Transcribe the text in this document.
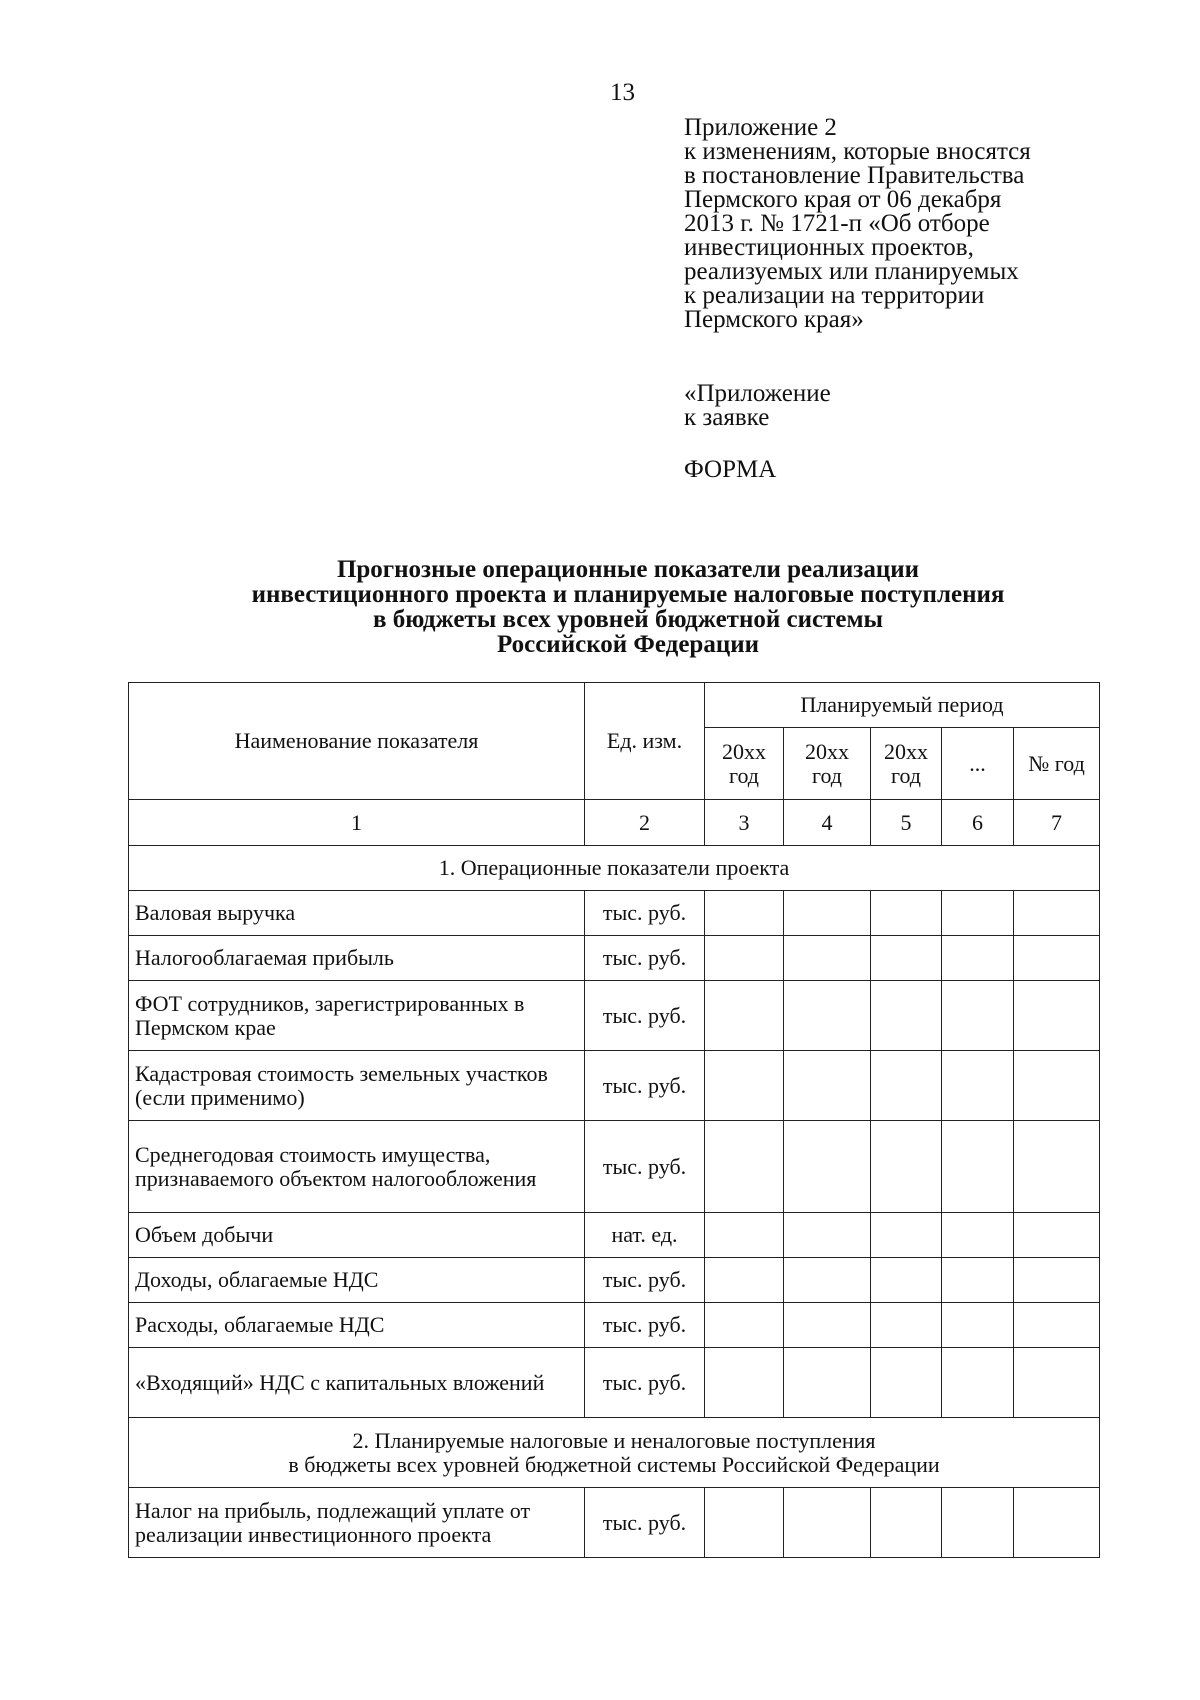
13
Приложение 2
к изменениям, которые вносятся
в постановление Правительства
Пермского края от 06 декабря
2013 г. № 1721-п «Об отборе
инвестиционных проектов,
реализуемых или планируемых
к реализации на территории
Пермского края»
«Приложение
к заявке
ФОРМА
Прогнозные операционные показатели реализации
инвестиционного проекта и планируемые налоговые поступления
в бюджеты всех уровней бюджетной системы
Российской Федерации
Наименование показателя	Ед. изм.	Планируемый период				
		20хх год	20хх год	20хх год	...	№ год
1	2	3	4	5	6	7
1. Операционные показатели проекта						
Валовая выручка	тыс. руб.					
Налогооблагаемая прибыль	тыс. руб.					
ФОТ сотрудников, зарегистрированных в Пермском крае	тыс. руб.					
Кадастровая стоимость земельных участков (если применимо)	тыс. руб.					
Среднегодовая стоимость имущества, признаваемого объектом налогообложения	тыс. руб.					
Объем добычи	нат. ед.					
Доходы, облагаемые НДС	тыс. руб.					
Расходы, облагаемые НДС	тыс. руб.					
«Входящий» НДС с капитальных вложений	тыс. руб.					

2. Планируемые налоговые и неналоговые поступления
в бюджеты всех уровней бюджетной системы Российской Федерации						

Налог на прибыль, подлежащий уплате от реализации инвестиционного проекта	тыс. руб.					
